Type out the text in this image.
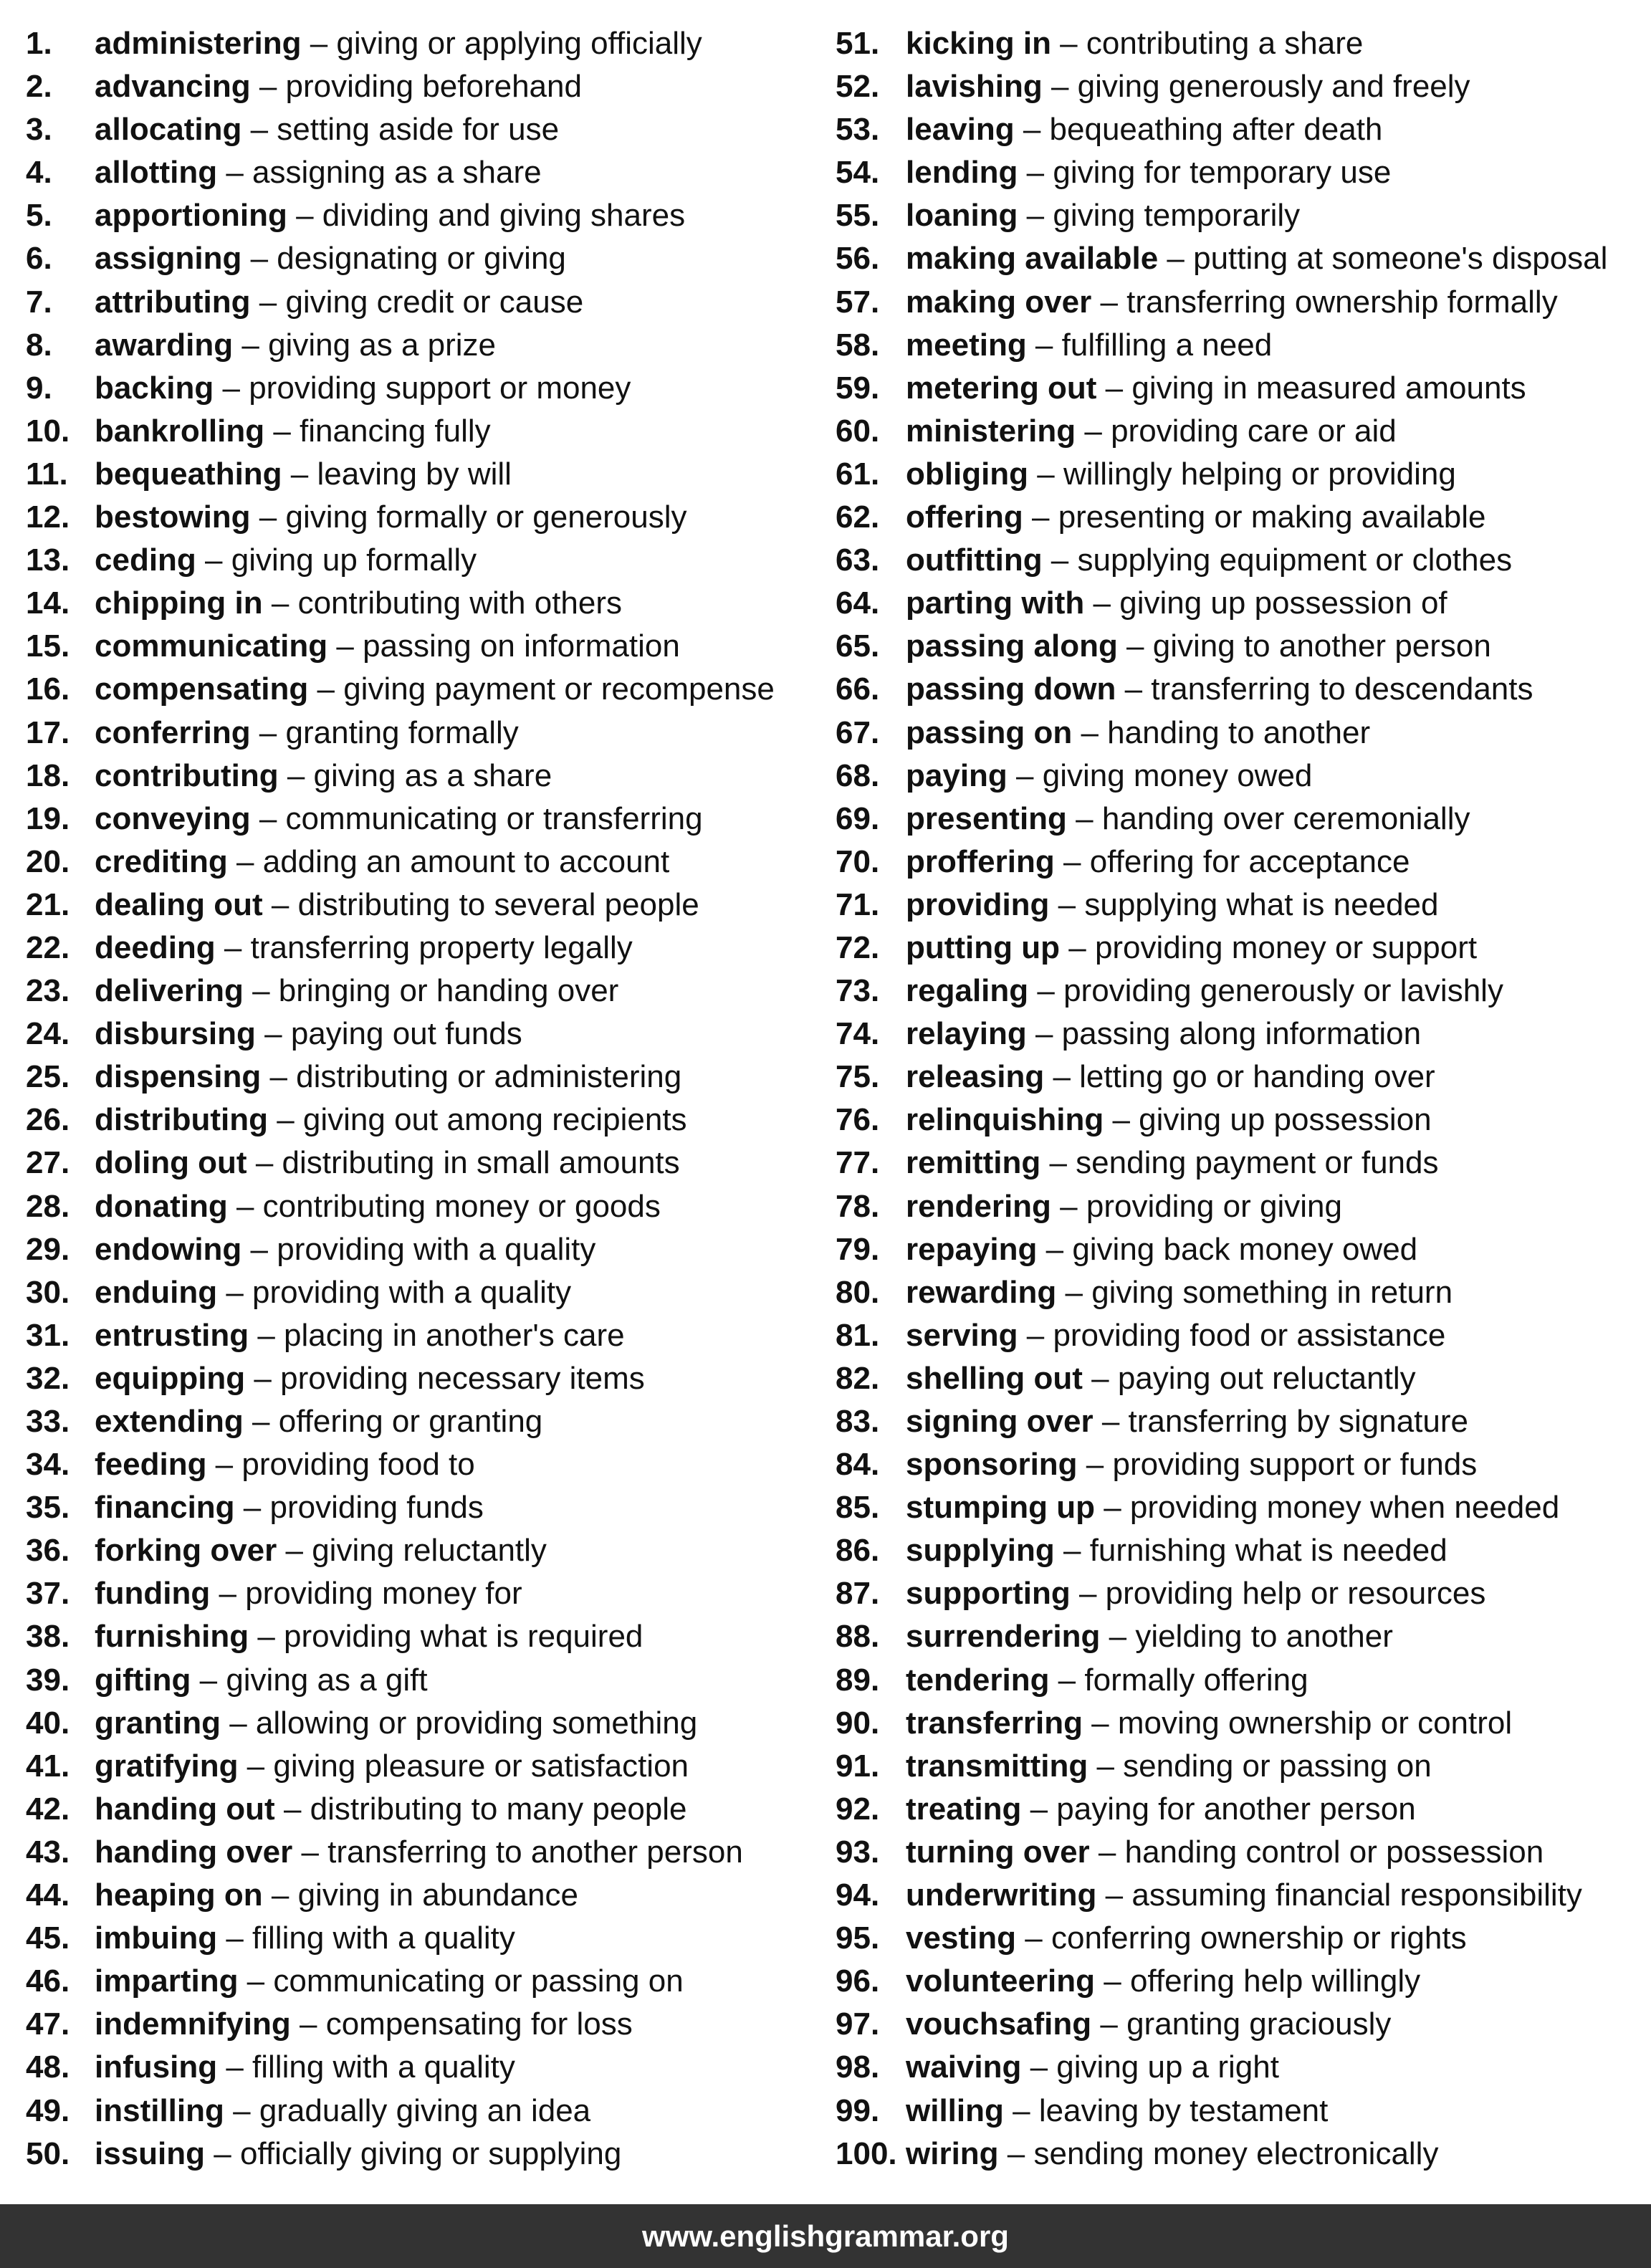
1.	administering – giving or applying officially
2.	advancing – providing beforehand
3.	allocating – setting aside for use
4.	allotting – assigning as a share
5.	apportioning – dividing and giving shares
6.	assigning – designating or giving
7.	attributing – giving credit or cause
8.	awarding – giving as a prize
9.	backing – providing support or money
10. bankrolling – financing fully
11. bequeathing – leaving by will
12. bestowing – giving formally or generously
13. ceding – giving up formally
14. chipping in – contributing with others
15. communicating – passing on information
16. compensating – giving payment or recompense
17. conferring – granting formally
18. contributing – giving as a share
19. conveying – communicating or transferring
20. crediting – adding an amount to account
21. dealing out – distributing to several people
22. deeding – transferring property legally
23. delivering – bringing or handing over
24. disbursing – paying out funds
25. dispensing – distributing or administering
26. distributing – giving out among recipients
27. doling out – distributing in small amounts
28. donating – contributing money or goods
29. endowing – providing with a quality
30. enduing – providing with a quality
31. entrusting – placing in another's care
32. equipping – providing necessary items
33. extending – offering or granting
34. feeding – providing food to
35. financing – providing funds
36. forking over – giving reluctantly
37. funding – providing money for
38. furnishing – providing what is required
39. gifting – giving as a gift
40. granting – allowing or providing something
41. gratifying – giving pleasure or satisfaction
42. handing out – distributing to many people
43. handing over – transferring to another person
44. heaping on – giving in abundance
45. imbuing – filling with a quality
46. imparting – communicating or passing on
47. indemnifying – compensating for loss
48. infusing – filling with a quality
49. instilling – gradually giving an idea
50. issuing – officially giving or supplying
51. kicking in – contributing a share
52. lavishing – giving generously and freely
53. leaving – bequeathing after death
54. lending – giving for temporary use
55. loaning – giving temporarily
56. making available – putting at someone's disposal
57. making over – transferring ownership formally
58. meeting – fulfilling a need
59. metering out – giving in measured amounts
60. ministering – providing care or aid
61. obliging – willingly helping or providing
62. offering – presenting or making available
63. outfitting – supplying equipment or clothes
64. parting with – giving up possession of
65. passing along – giving to another person
66. passing down – transferring to descendants
67. passing on – handing to another
68. paying – giving money owed
69. presenting – handing over ceremonially
70. proffering – offering for acceptance
71. providing – supplying what is needed
72. putting up – providing money or support
73. regaling – providing generously or lavishly
74. relaying – passing along information
75. releasing – letting go or handing over
76. relinquishing – giving up possession
77. remitting – sending payment or funds
78. rendering – providing or giving
79. repaying – giving back money owed
80. rewarding – giving something in return
81. serving – providing food or assistance
82. shelling out – paying out reluctantly
83. signing over – transferring by signature
84. sponsoring – providing support or funds
85. stumping up – providing money when needed
86. supplying – furnishing what is needed
87. supporting – providing help or resources
88. surrendering – yielding to another
89. tendering – formally offering
90. transferring – moving ownership or control
91. transmitting – sending or passing on
92. treating – paying for another person
93. turning over – handing control or possession
94. underwriting – assuming financial responsibility
95. vesting – conferring ownership or rights
96. volunteering – offering help willingly
97. vouchsafing – granting graciously
98. waiving – giving up a right
99. willing – leaving by testament
100. wiring – sending money electronically
www.englishgrammar.org
